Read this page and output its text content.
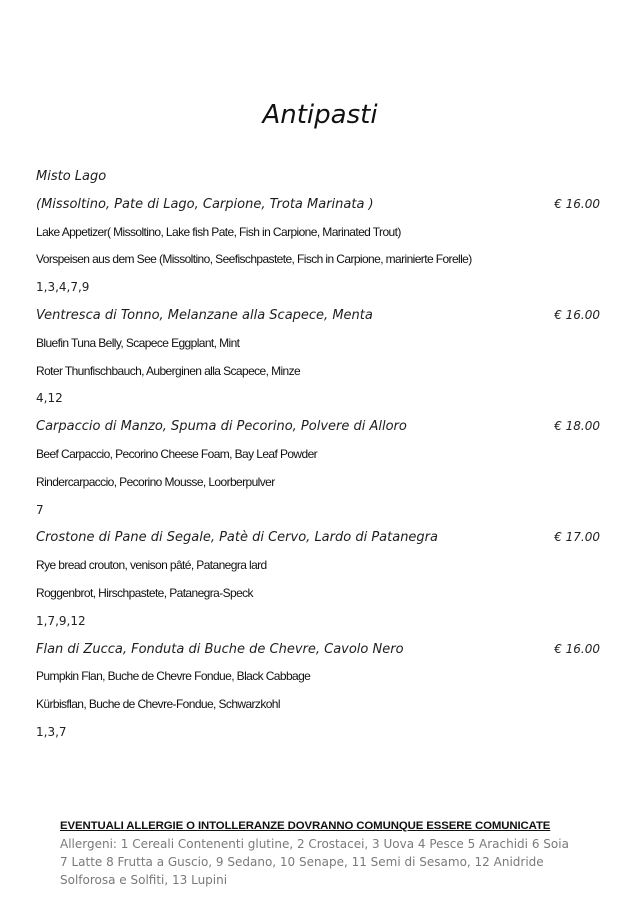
Antipasti
Misto Lago
(Missoltino, Pate di Lago, Carpione, Trota Marinata )	€ 16.00
Lake Appetizer( Missoltino, Lake fish Pate, Fish in Carpione, Marinated Trout)
Vorspeisen aus dem See (Missoltino, Seefischpastete, Fisch in Carpione, marinierte Forelle)
1,3,4,7,9
Ventresca di Tonno, Melanzane alla Scapece, Menta	€ 16.00
Bluefin Tuna Belly, Scapece Eggplant, Mint
Roter Thunfischbauch, Auberginen alla Scapece, Minze
4,12
Carpaccio di Manzo, Spuma di Pecorino, Polvere di Alloro	€ 18.00
Beef Carpaccio, Pecorino Cheese Foam, Bay Leaf Powder
Rindercarpaccio, Pecorino Mousse, Loorberpulver
7
Crostone di Pane di Segale, Patè di Cervo, Lardo di Patanegra	€ 17.00
Rye bread crouton, venison pâté, Patanegra lard
Roggenbrot, Hirschpastete, Patanegra-Speck
1,7,9,12
Flan di Zucca, Fonduta di Buche de Chevre, Cavolo Nero	€ 16.00
Pumpkin Flan, Buche de Chevre Fondue, Black Cabbage
Kürbisflan, Buche de Chevre-Fondue, Schwarzkohl
1,3,7
EVENTUALI ALLERGIE O INTOLLERANZE DOVRANNO COMUNQUE ESSERE COMUNICATE
Allergeni: 1 Cereali Contenenti glutine, 2 Crostacei, 3 Uova 4 Pesce 5 Arachidi 6 Soia 7 Latte 8 Frutta a Guscio, 9 Sedano, 10 Senape, 11 Semi di Sesamo, 12 Anidride Solforosa e Solfiti, 13 Lupini
